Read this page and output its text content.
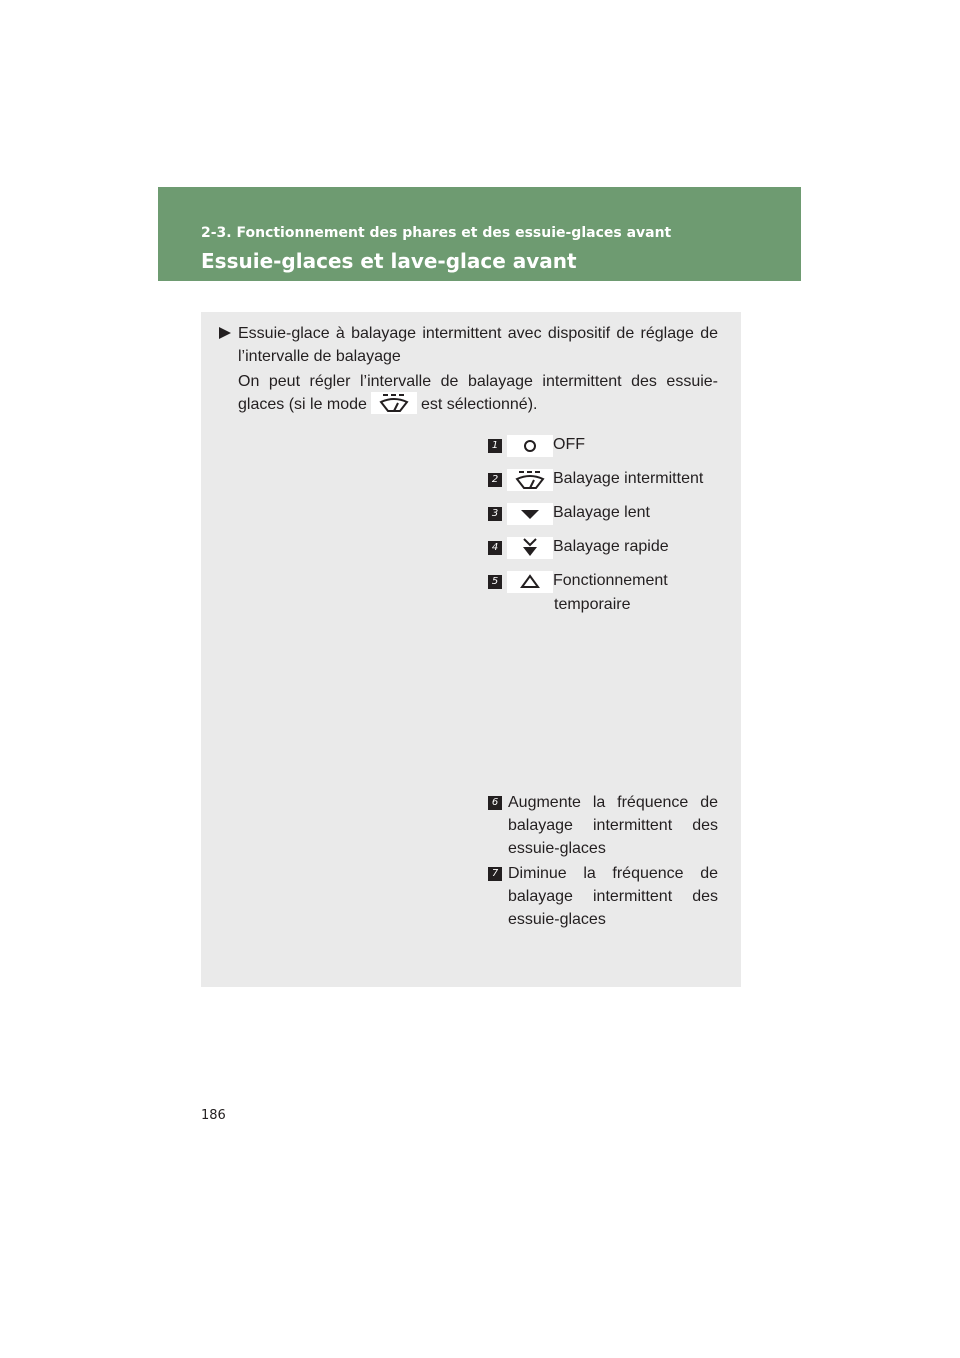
2-3. Fonctionnement des phares et des essuie-glaces avant
Essuie-glaces et lave-glace avant
Essuie-glace à balayage intermittent avec dispositif de réglage de l’intervalle de balayage
On peut régler l’intervalle de balayage intermittent des essuie-glaces (si le mode	est sélectionné).
1	OFF
2	Balayage intermittent
3	Balayage lent
4	Balayage rapide
5	Fonctionnement
temporaire
6 Augmente la fréquence de balayage intermittent des essuie-glaces
7 Diminue la fréquence de balayage intermittent des essuie-glaces
186
